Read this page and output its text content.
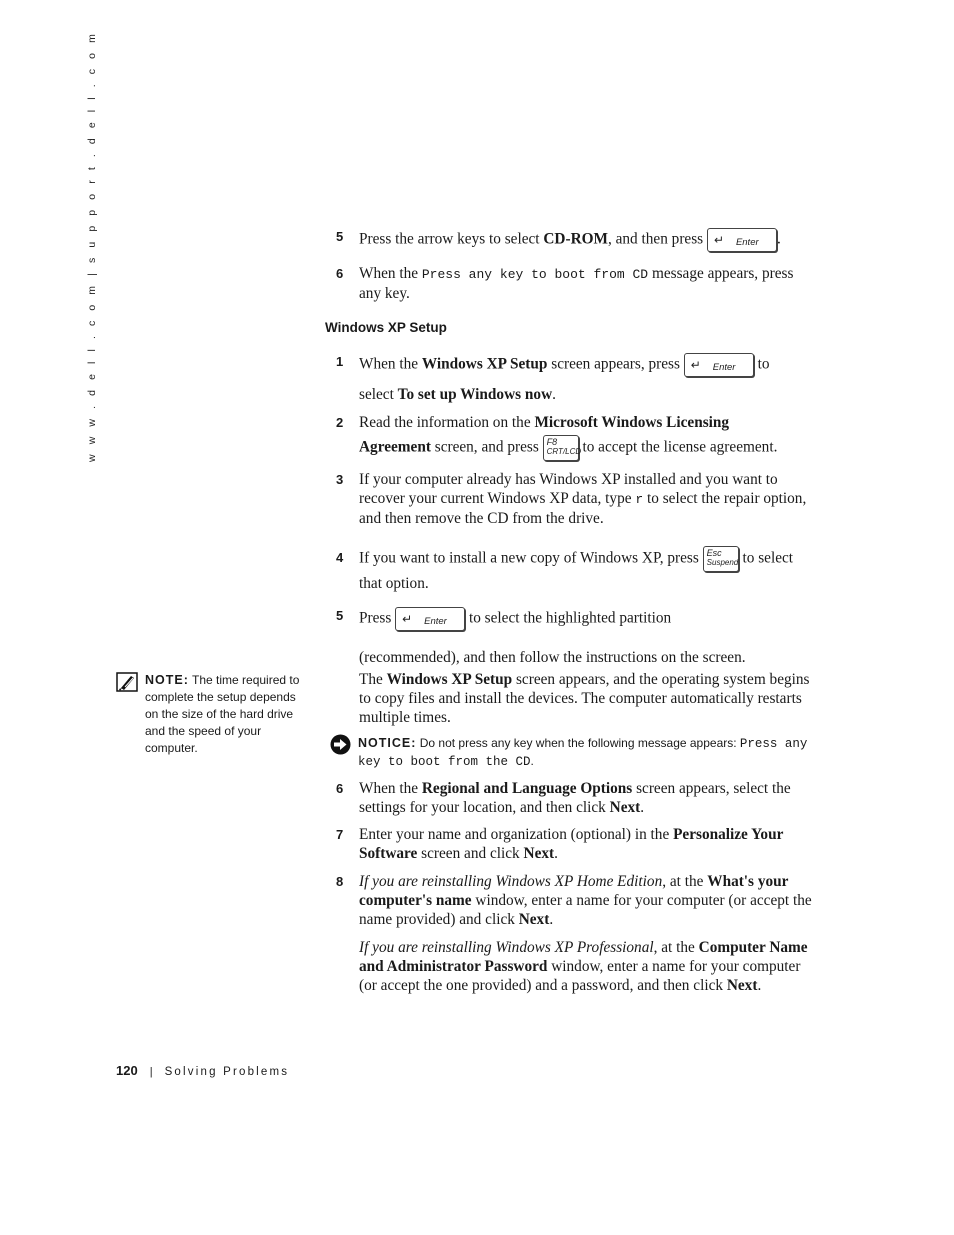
w w w . d e l l . c o m | s u p p o r t . d e l l . c o m	5 Press the arrow keys to select CD-ROM, and then press ↵ Enter .
6 When the Press any key to boot from CD message appears, press any key.
Windows XP Setup
1 When the Windows XP Setup screen appears, press ↵ Enter to
select To set up Windows now.
2 Read the information on the Microsoft Windows Licensing Agreement screen, and press F8
CRT/LCD
to accept the license agreement.
3 If your computer already has Windows XP installed and you want to recover your current Windows XP data, type r to select the repair option, and then remove the CD from the drive.
4 If you want to install a new copy of Windows XP, press Esc
Suspend to select that option.
5 Press ↵ Enter to select the highlighted partition
(recommended), and then follow the instructions on the screen.
The Windows XP Setup screen appears, and the operating system begins to copy files and install the devices. The computer automatically restarts multiple times.
NOTE: The time required to complete the setup depends on the size of the hard drive and the speed of your computer.	NOTICE: Do not press any key when the following message appears: Press any key to boot from the CD.
6 When the Regional and Language Options screen appears, select the settings for your location, and then click Next.
7 Enter your name and organization (optional) in the Personalize Your Software screen and click Next.
8 If you are reinstalling Windows XP Home Edition, at the What's your computer's name window, enter a name for your computer (or accept the name provided) and click Next.
If you are reinstalling Windows XP Professional, at the Computer Name and Administrator Password window, enter a name for your computer (or accept the one provided) and a password, and then click Next.
120 | Solving Problems
